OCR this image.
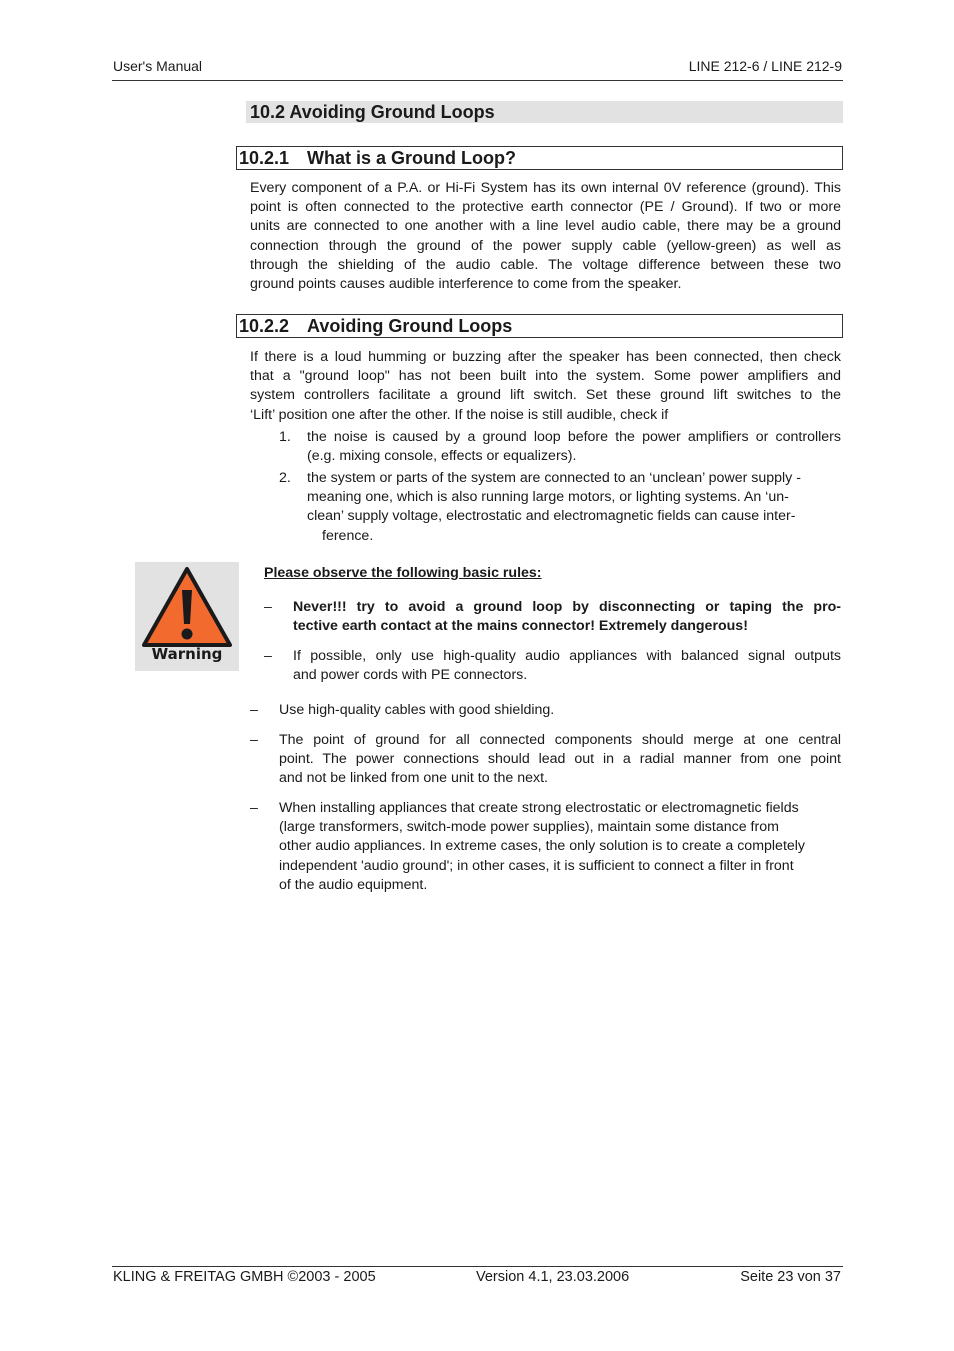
User's Manual	LINE 212-6 / LINE 212-9
10.2 Avoiding Ground Loops
10.2.1 What is a Ground Loop?
Every component of a P.A. or Hi-Fi System has its own internal 0V reference (ground). This
point is often connected to the protective earth connector (PE / Ground). If two or more
units are connected to one another with a line level audio cable, there may be a ground
connection through the ground of the power supply cable (yellow-green) as well as
through the shielding of the audio cable. The voltage difference between these two
ground points causes audible interference to come from the speaker.
10.2.2 Avoiding Ground Loops
If there is a loud humming or buzzing after the speaker has been connected, then check
that a "ground loop" has not been built into the system. Some power amplifiers and
system controllers facilitate a ground lift switch. Set these ground lift switches to the
‘Lift’ position one after the other. If the noise is still audible, check if
1. the noise is caused by a ground loop before the power amplifiers or controllers
(e.g. mixing console, effects or equalizers).
2. the system or parts of the system are connected to an ‘unclean’ power supply -
meaning one, which is also running large motors, or lighting systems. An ‘un-
clean’ supply voltage, electrostatic and electromagnetic fields can cause inter-
ference.
Warning
Please observe the following basic rules:
– Never!!! try to avoid a ground loop by disconnecting or taping the pro-
tective earth contact at the mains connector! Extremely dangerous!
– If possible, only use high-quality audio appliances with balanced signal outputs
and power cords with PE connectors.
– Use high-quality cables with good shielding.
– The point of ground for all connected components should merge at one central
point. The power connections should lead out in a radial manner from one point
and not be linked from one unit to the next.
– When installing appliances that create strong electrostatic or electromagnetic fields
(large transformers, switch-mode power supplies), maintain some distance from
other audio appliances. In extreme cases, the only solution is to create a completely
independent 'audio ground'; in other cases, it is sufficient to connect a filter in front
of the audio equipment.
KLING & FREITAG GMBH ©2003 - 2005	Version 4.1, 23.03.2006	Seite 23 von 37
